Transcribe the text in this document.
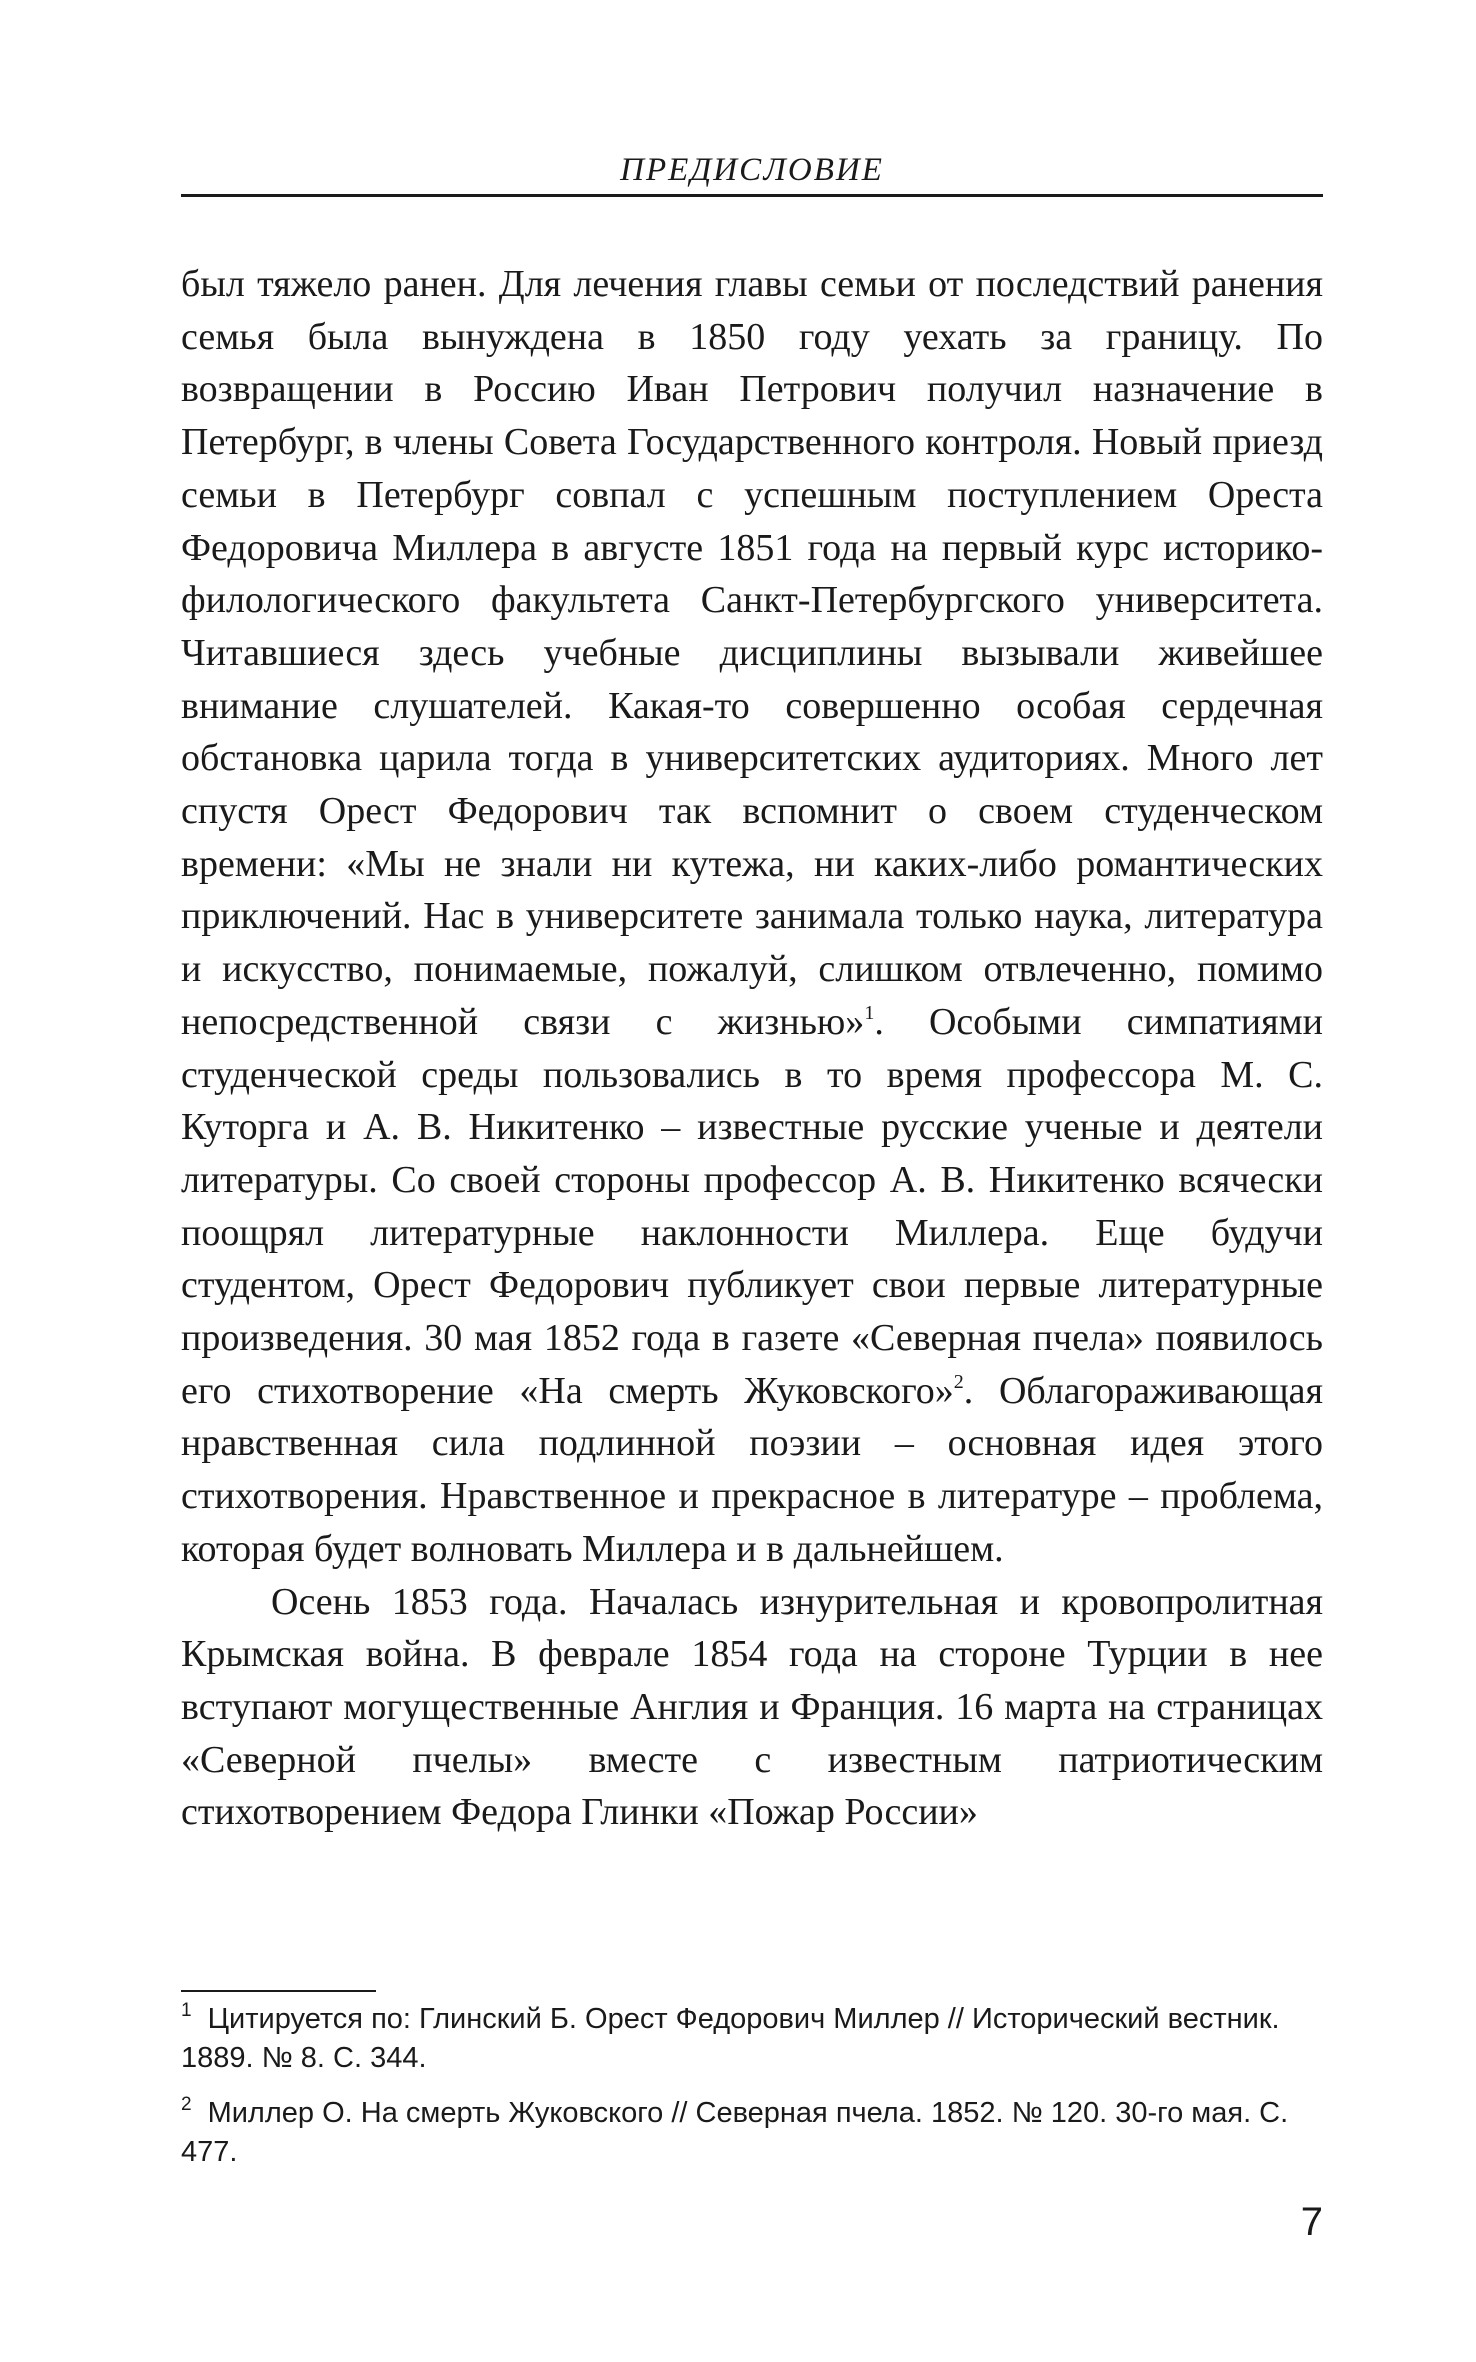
ПРЕДИСЛОВИЕ

был тяжело ранен. Для лечения главы семьи от последствий ранения семья была вынуждена в 1850 году уехать за границу. По возвращении в Россию Иван Петрович получил назначение в Петербург, в члены Совета Государственного контроля. Новый приезд семьи в Петербург совпал с успешным поступлением Ореста Федоровича Миллера в августе 1851 года на первый курс историко-филологического факультета Санкт-Петербургского университета. Читавшиеся здесь учебные дисциплины вызывали живейшее внимание слушателей. Какая-то совершенно особая сердечная обстановка царила тогда в университетских аудиториях. Много лет спустя Орест Федорович так вспомнит о своем студенческом времени: «Мы не знали ни кутежа, ни каких-либо романтических приключений. Нас в университете занимала только наука, литература и искусство, понимаемые, пожалуй, слишком отвлеченно, помимо непосредственной связи с жизнью»$^1$. Особыми симпатиями студенческой среды пользовались в то время профессора М. С. Куторга и А. В. Никитенко – известные русские ученые и деятели литературы. Со своей стороны профессор А. В. Никитенко всячески поощрял литературные наклонности Миллера. Еще будучи студентом, Орест Федорович публикует свои первые литературные произведения. 30 мая 1852 года в газете «Северная пчела» появилось его стихотворение «На смерть Жуковского»$^2$. Облагораживающая нравственная сила подлинной поэзии – основная идея этого стихотворения. Нравственное и прекрасное в литературе – проблема, которая будет волновать Миллера и в дальнейшем.

Осень 1853 года. Началась изнурительная и кровопролитная Крымская война. В феврале 1854 года на стороне Турции в нее вступают могущественные Англия и Франция. 16 марта на страницах «Северной пчелы» вместе с известным патриотическим стихотворением Федора Глинки «Пожар России»

$^1$ Цитируется по: Глинский Б. Орест Федорович Миллер // Исторический вестник. 1889. № 8. С. 344.

$^2$ Миллер О. На смерть Жуковского // Северная пчела. 1852. № 120. 30-го мая. С. 477.

7
